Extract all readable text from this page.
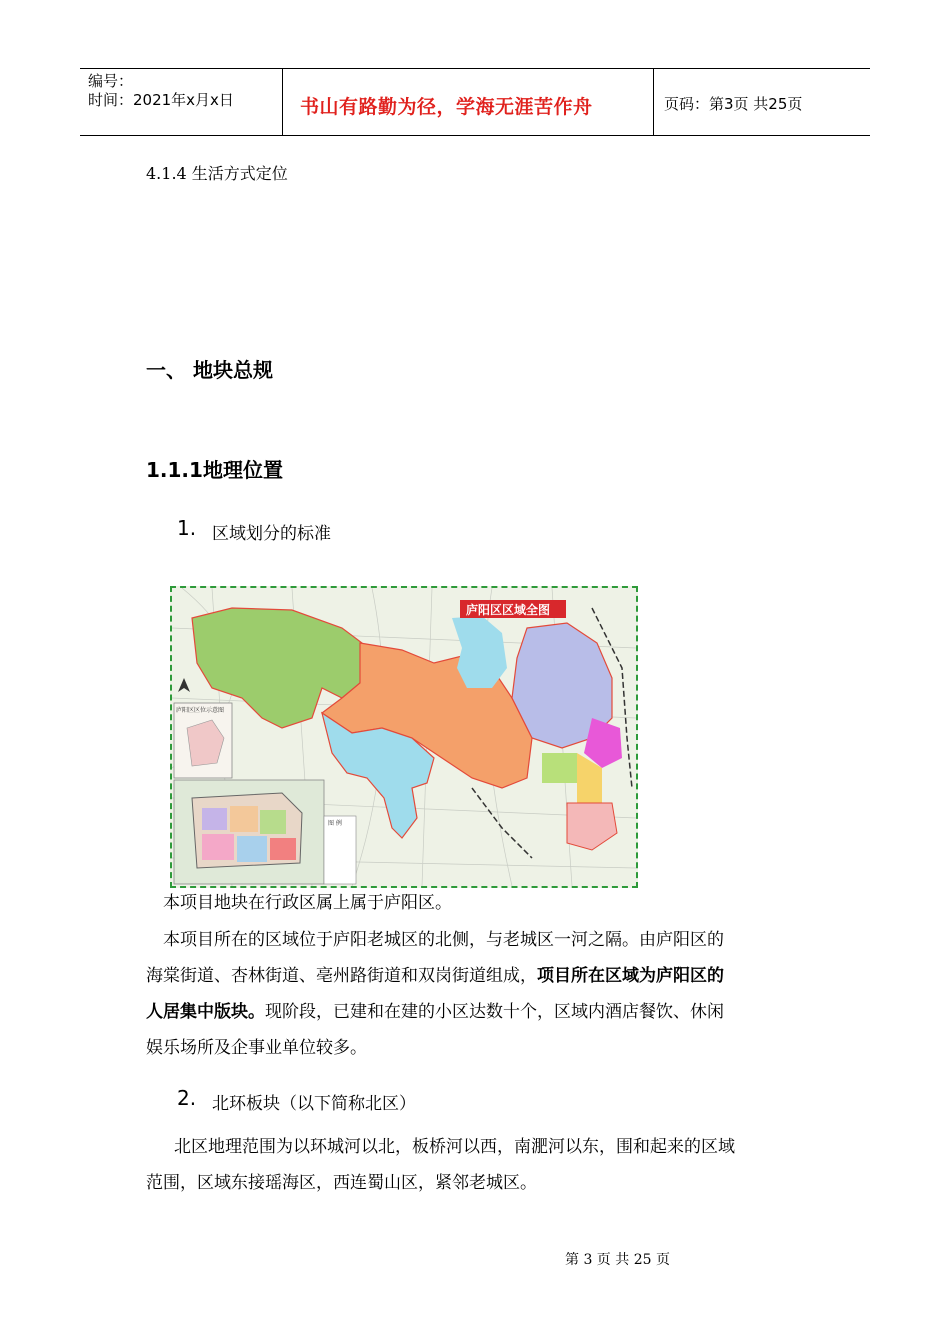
编号：
时间：2021年x月x日	书山有路勤为径，学海无涯苦作舟	页码：第3页 共25页
4.1.4 生活方式定位
一、 地块总规
1.1.1地理位置
1. 区域划分的标准
庐阳区区域全图
庐阳区区位示意图
图 例
本项目地块在行政区属上属于庐阳区。
本项目所在的区域位于庐阳老城区的北侧，与老城区一河之隔。由庐阳区的
海棠街道、杏林街道、亳州路街道和双岗街道组成，项目所在区域为庐阳区的
人居集中版块。现阶段，已建和在建的小区达数十个，区域内酒店餐饮、休闲
娱乐场所及企事业单位较多。
2. 北环板块（以下简称北区）
北区地理范围为以环城河以北，板桥河以西，南淝河以东，围和起来的区域
范围，区域东接瑶海区，西连蜀山区，紧邻老城区。
第 3 页 共 25 页
